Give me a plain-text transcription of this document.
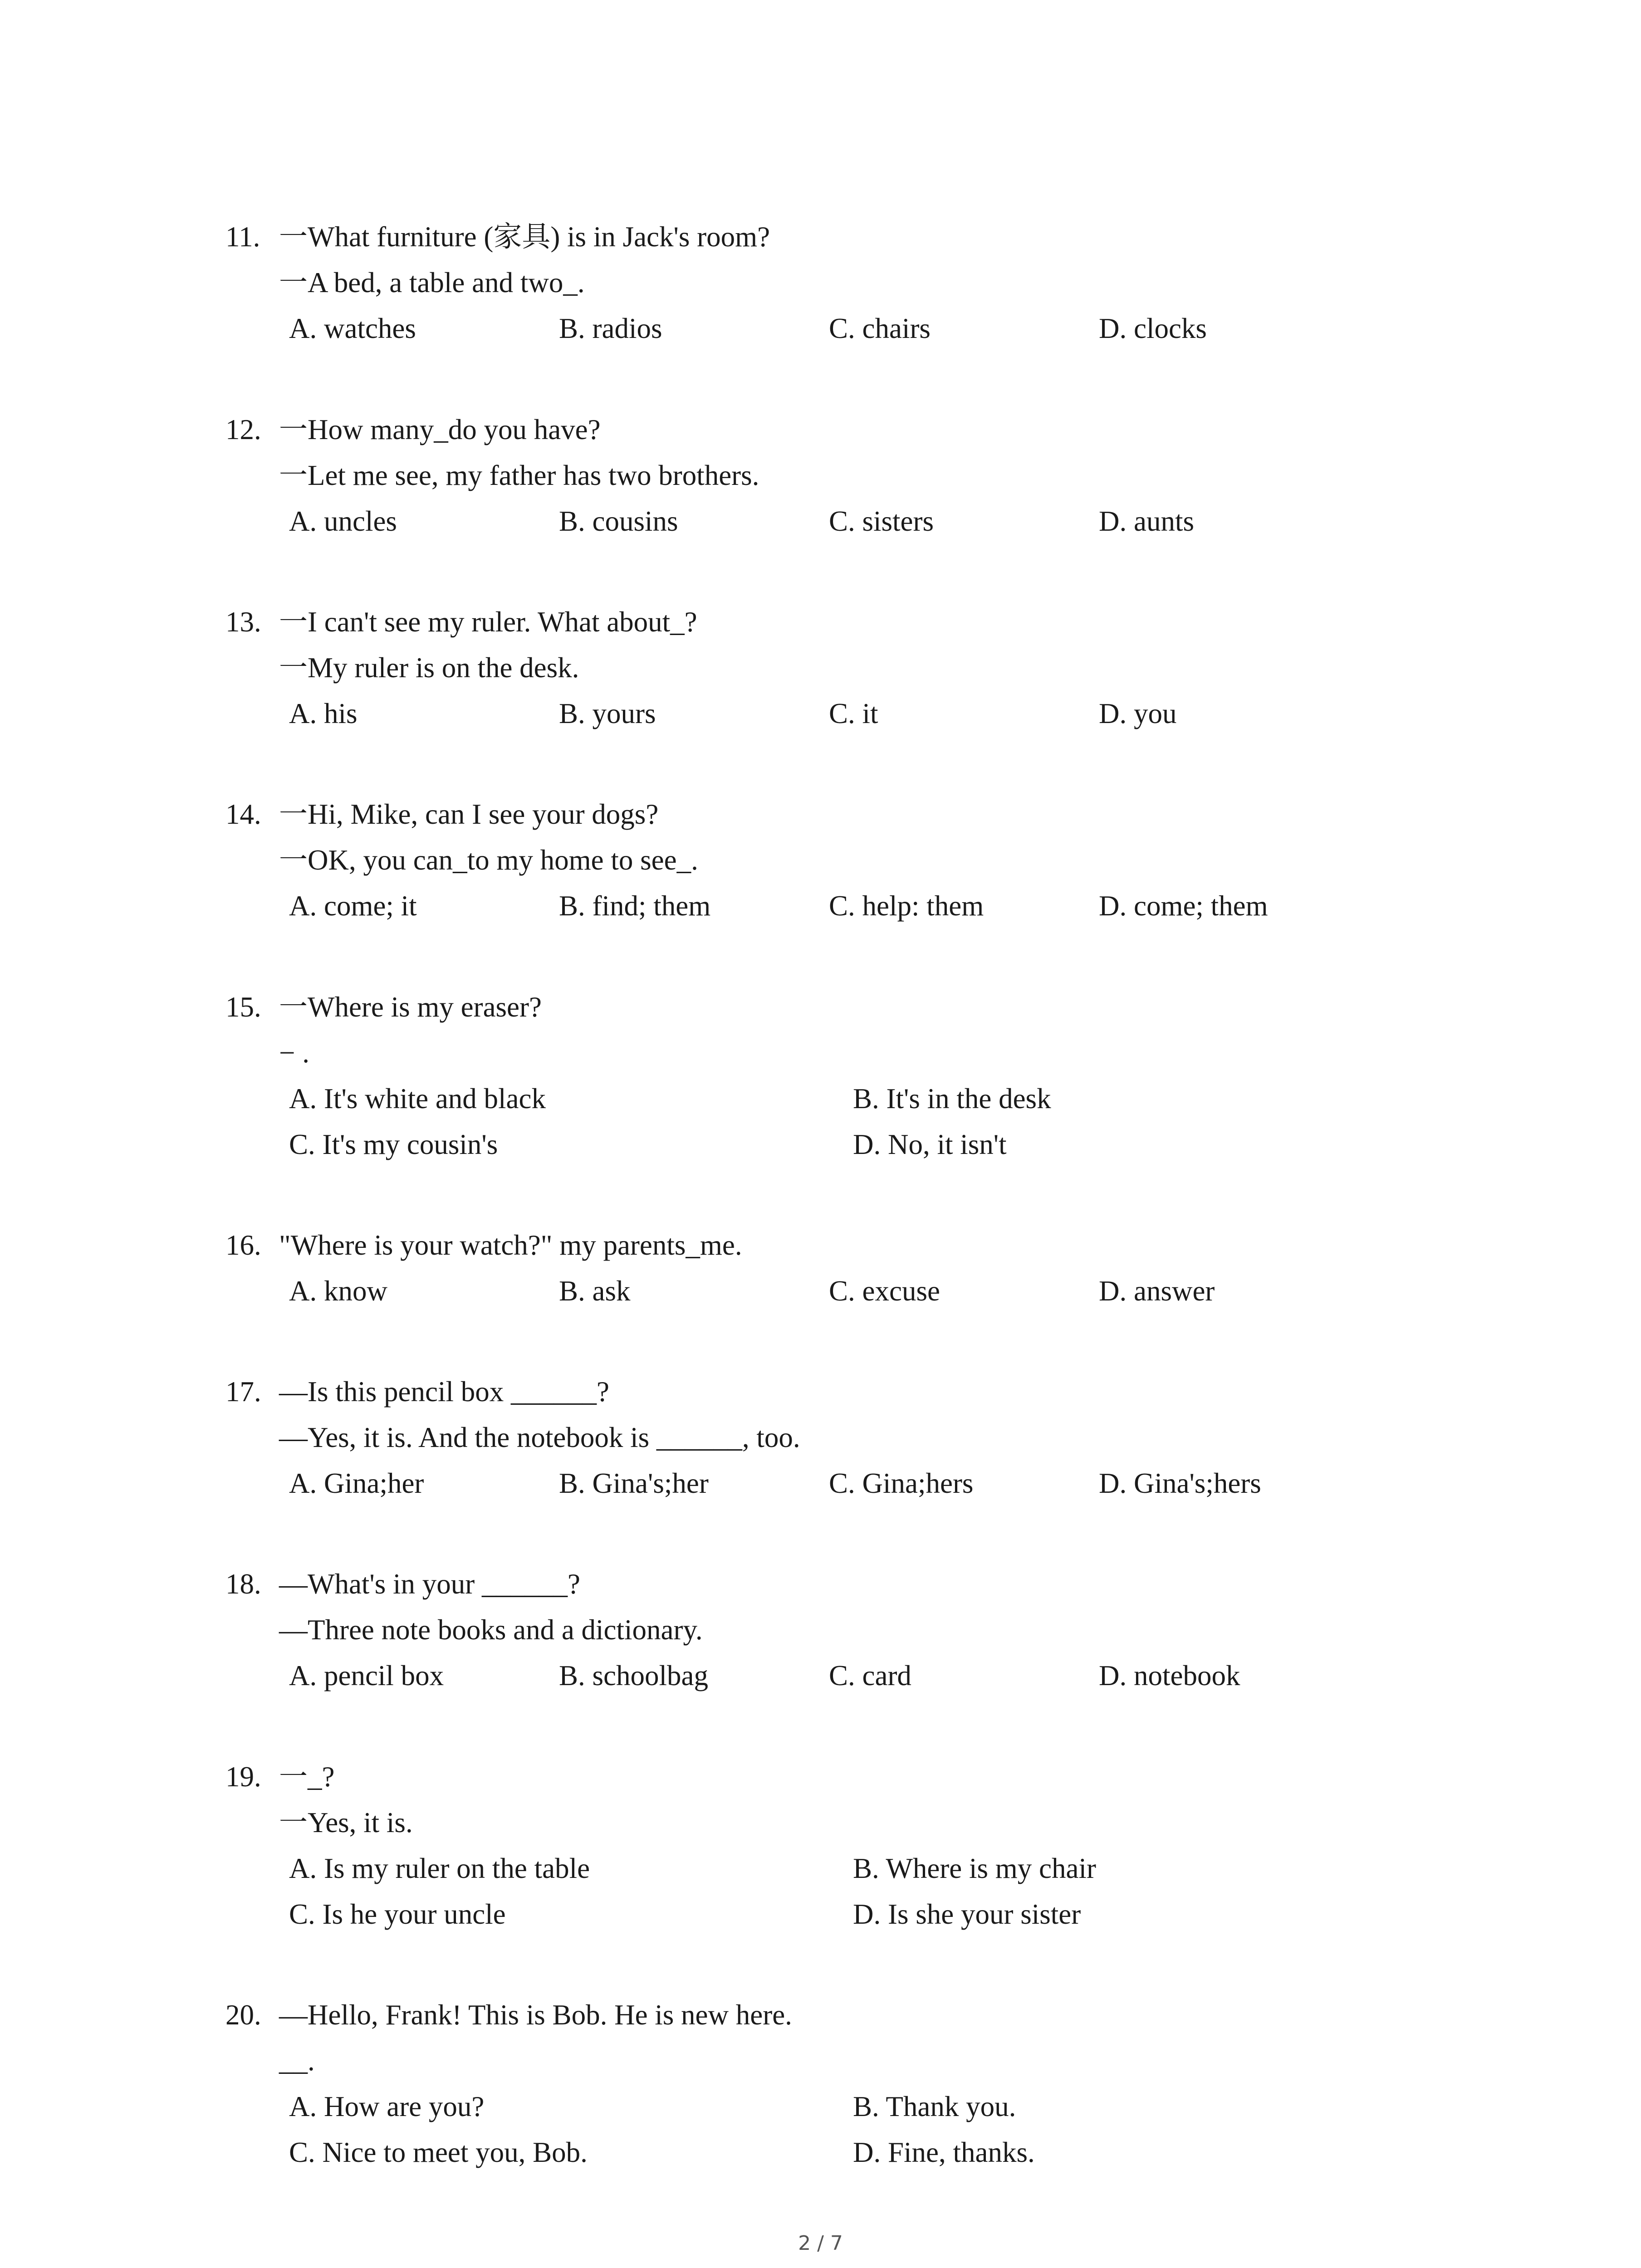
11. 一What furniture (家具) is in Jack's room?
一A bed, a table and two_.
A. watches	B. radios	C. chairs	D. clocks
12. 一How many_do you have?
一Let me see, my father has two brothers.
A. uncles	B. cousins	C. sisters	D. aunts
13. 一I can't see my ruler. What about_?
一My ruler is on the desk.
A. his	B. yours	C. it	D. you
14. 一Hi, Mike, can I see your dogs?
一OK, you can_to my home to see_.
A. come; it	B. find; them	C. help: them	D. come; them
15. 一Where is my eraser?
− .
A. It's white and black	B. It's in the desk
C. It's my cousin's	D. No, it isn't
16. "Where is your watch?" my parents_me.
A. know	B. ask	C. excuse	D. answer
17. —Is this pencil box ______?
—Yes, it is. And the notebook is ______, too.
A. Gina;her	B. Gina's;her	C. Gina;hers	D. Gina's;hers
18. —What's in your ______?
—Three note books and a dictionary.
A. pencil box	B. schoolbag	C. card	D. notebook
19. 一_?
一Yes, it is.
A. Is my ruler on the table	B. Where is my chair
C. Is he your uncle	D. Is she your sister
20. —Hello, Frank! This is Bob. He is new here.
__.
A. How are you?	B. Thank you.
C. Nice to meet you, Bob.	D. Fine, thanks.
2 / 7
